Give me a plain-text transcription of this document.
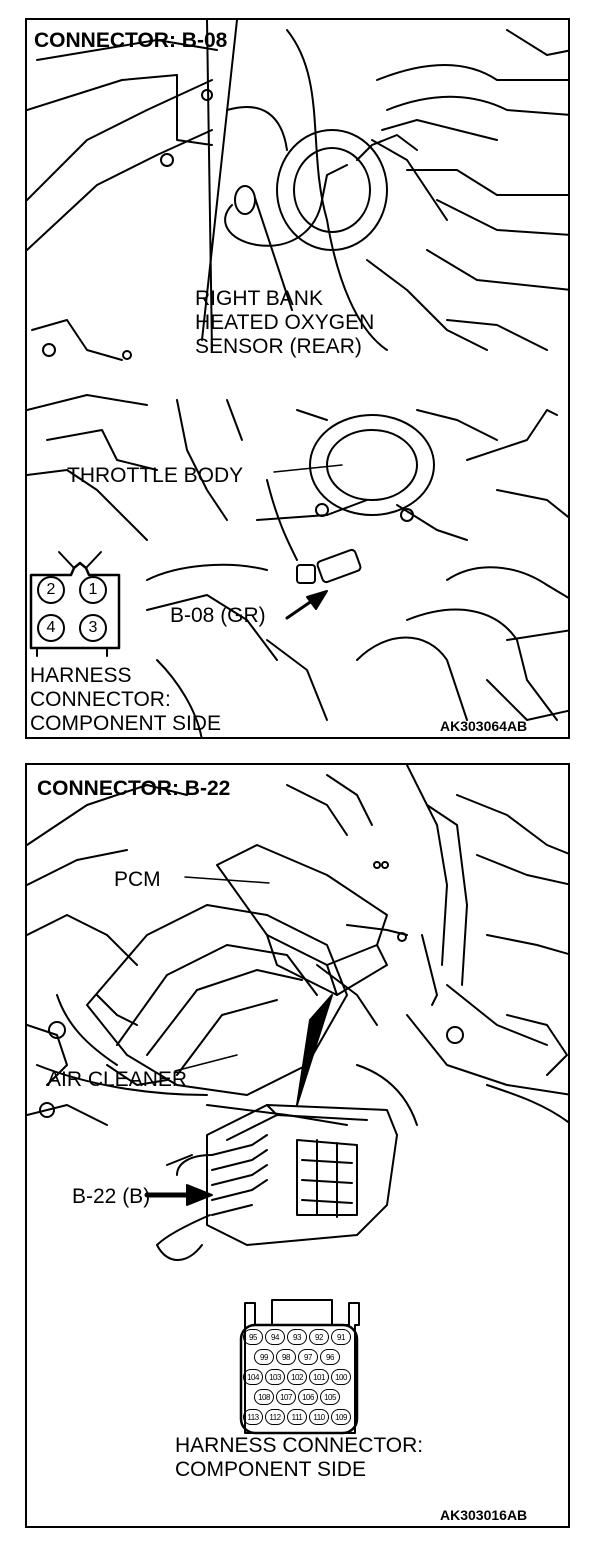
CONNECTOR: B-08
RIGHT BANK
HEATED OXYGEN
SENSOR (REAR)
THROTTLE BODY
B-08 (GR)
2 1
4 3
HARNESS
CONNECTOR:
COMPONENT SIDE	AK303064AB
CONNECTOR: B-22
PCM
AIR CLEANER
B-22 (B)
95	94	93	92	91
99	98	97	96
104	103	102	101	100
108	107	106	105
113	112	111	110	109
HARNESS CONNECTOR:
COMPONENT SIDE
AK303016AB
